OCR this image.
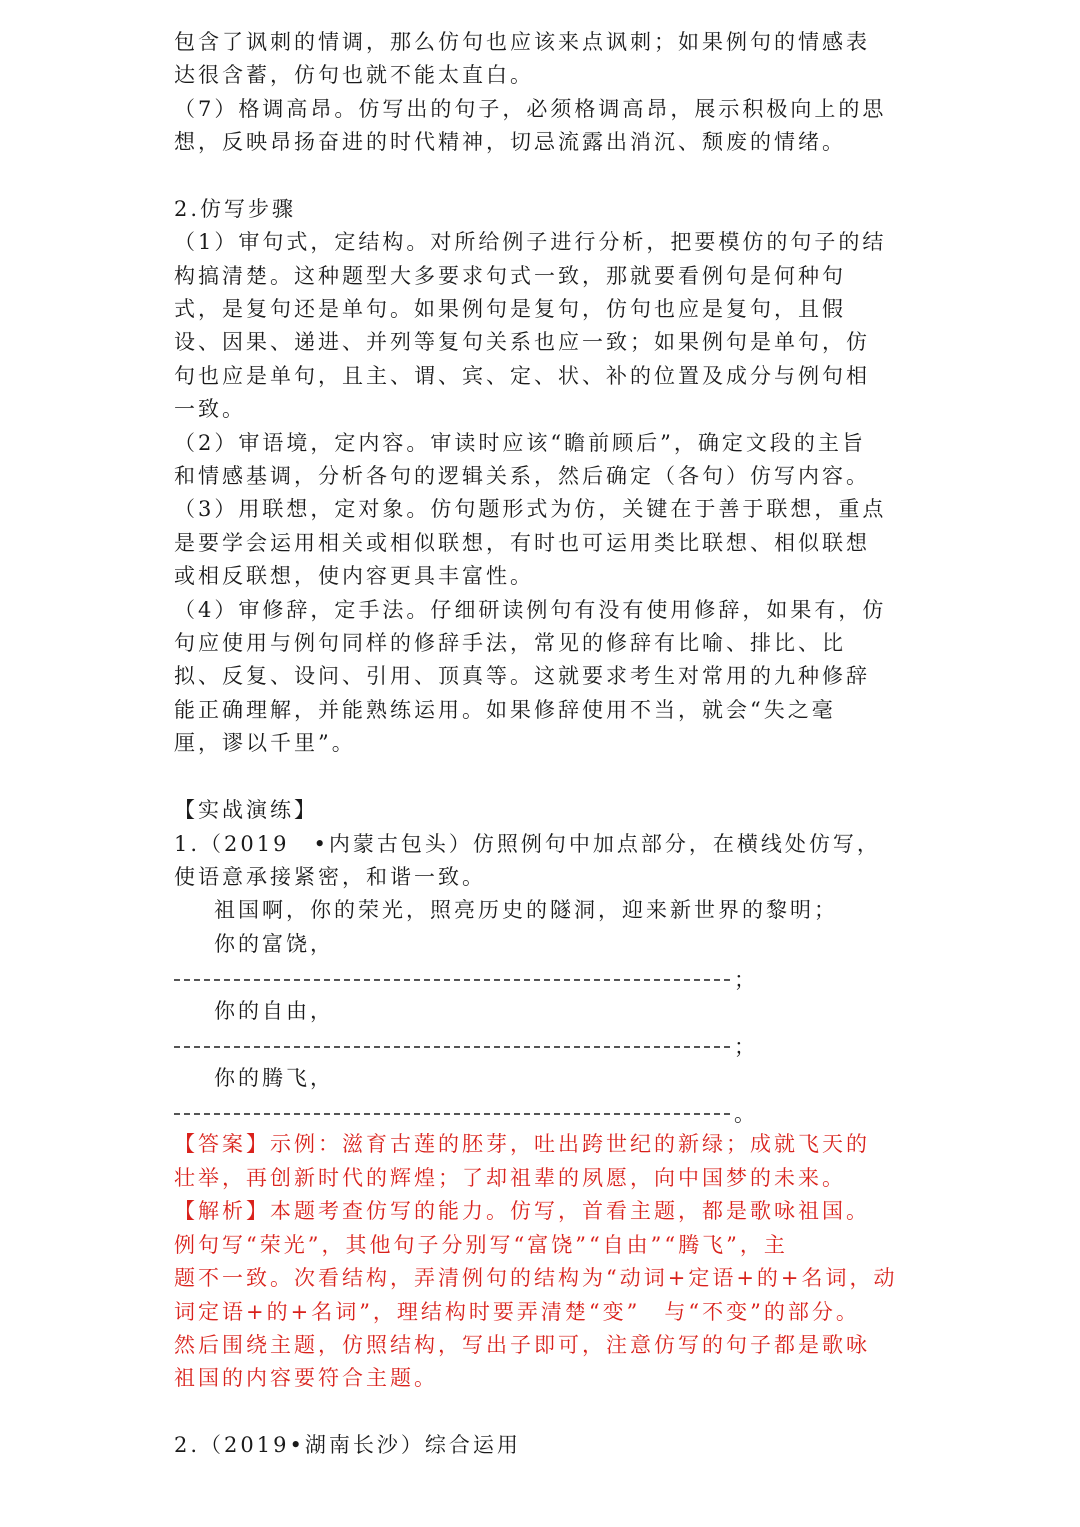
包含了讽刺的情调，那么仿句也应该来点讽刺；如果例句的情感表

达很含蓄，仿句也就不能太直白。

（7）格调高昂。仿写出的句子，必须格调高昂，展示积极向上的思

想，反映昂扬奋进的时代精神，切忌流露出消沉、颓废的情绪。

2.仿写步骤

（1）审句式，定结构。对所给例子进行分析，把要模仿的句子的结

构搞清楚。这种题型大多要求句式一致，那就要看例句是何种句

式，是复句还是单句。如果例句是复句，仿句也应是复句，且假

设、因果、递进、并列等复句关系也应一致；如果例句是单句，仿

句也应是单句，且主、谓、宾、定、状、补的位置及成分与例句相

一致。

（2）审语境，定内容。审读时应该“瞻前顾后”，确定文段的主旨

和情感基调，分析各句的逻辑关系，然后确定（各句）仿写内容。

（3）用联想，定对象。仿句题形式为仿，关键在于善于联想，重点

是要学会运用相关或相似联想，有时也可运用类比联想、相似联想

或相反联想，使内容更具丰富性。

（4）审修辞，定手法。仔细研读例句有没有使用修辞，如果有，仿

句应使用与例句同样的修辞手法，常见的修辞有比喻、排比、比

拟、反复、设问、引用、顶真等。这就要求考生对常用的九种修辞

能正确理解，并能熟练运用。如果修辞使用不当，就会“失之毫

厘，谬以千里”。

【实战演练】

1.（2019　•内蒙古包头）仿照例句中加点部分，在横线处仿写，

使语意承接紧密，和谐一致。

祖国啊，你的荣光，照亮历史的隧洞，迎来新世界的黎明；

你的富饶，

；

你的自由，

；

你的腾飞，

。

【答案】示例：滋育古莲的胚芽，吐出跨世纪的新绿；成就飞天的

壮举，再创新时代的辉煌；了却祖辈的夙愿，向中国梦的未来。

【解析】本题考查仿写的能力。仿写，首看主题，都是歌咏祖国。

例句写“荣光”，其他句子分别写“富饶”“自由”“腾飞”，主

题不一致。次看结构，弄清例句的结构为“动词+定语+的+名词，动

词定语+的+名词”，理结构时要弄清楚“变”　与“不变”的部分。

然后围绕主题，仿照结构，写出子即可，注意仿写的句子都是歌咏

祖国的内容要符合主题。

2.（2019•湖南长沙）综合运用
